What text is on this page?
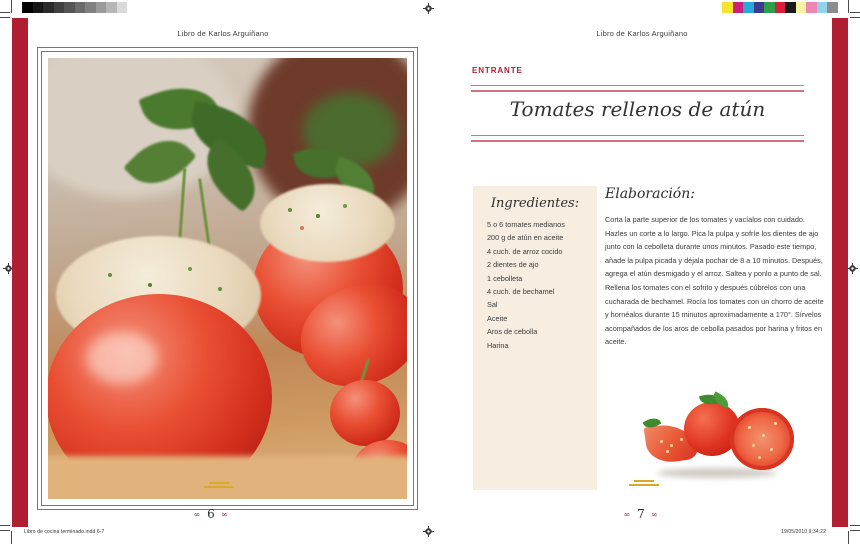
Libro de cocina terminado.indd 6-7	19/05/2010 9:34:22
Libro de Karlos Arguiñano
∞ 6 ∞
Libro de Karlos Arguiñano
ENTRANTE
Tomates rellenos de atún
Ingredientes:
5 o 6 tomates medianos
200 g de atún en aceite
4 cuch. de arroz cocido
2 dientes de ajo
1 cebolleta
4 cuch. de bechamel
Sal
Aceite
Aros de cebolla
Harina
Elaboración:
Corta la parte superior de los tomates y vacíalos con cuidado. Hazles un corte a lo largo. Pica la pulpa y sofríe los dientes de ajo junto con la cebolleta durante unos minutos. Pasado este tiempo, añade la pulpa picada y déjala pochar de 8 a 10 minutos. Después, agrega el atún desmigado y el arroz. Saltea y ponlo a punto de sal. Rellena los tomates con el sofrito y después cúbrelos con una cucharada de bechamel. Rocía los tomates con un chorro de aceite y hornéalos durante 15 minutos aproximadamente a 170°. Sírvelos acompañados de los aros de cebolla pasados por harina y fritos en aceite.
∞ 7 ∞
